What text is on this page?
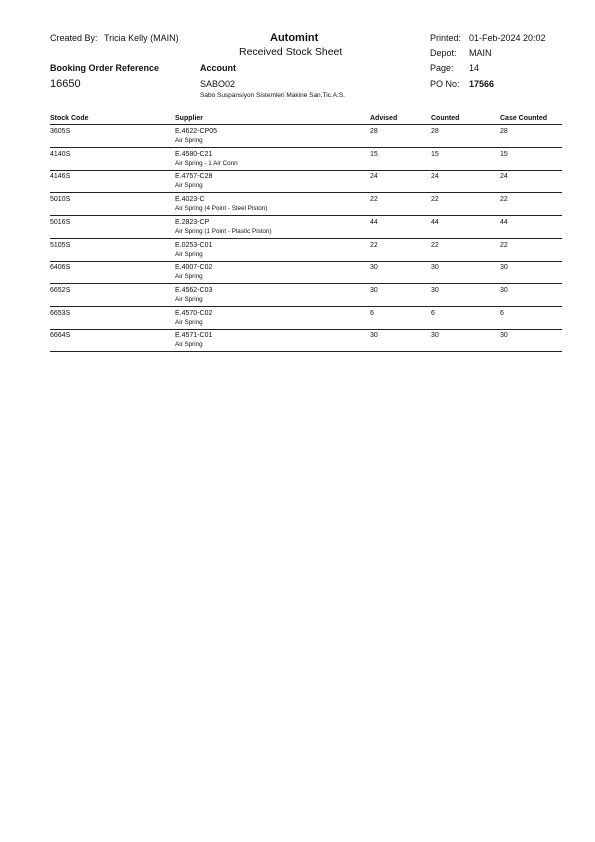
Created By: Tricia Kelly (MAIN)	Automint
Received Stock Sheet
Printed: 01-Feb-2024 20:02
Depot: MAIN
Page: 14
Booking Order Reference	Account
16650	SABO02	PO No: 17566
Sabo Suspansiyon Sistemleri Makine San.Tic.A.S.
Stock Code	Supplier	Advised	Counted	Case Counted
3605S	E.4622-CP05	28	28	28
Air Spring
4140S	E.4580-C21	15	15	15
Air Spring - 1 Air Conn
4146S	E.4757-C28	24	24	24
Air Spring
5010S	E.4023-C	22	22	22
Air Spring (4 Point - Steel Piston)
5016S	E.2823-CP	44	44	44
Air Spring (1 Point - Plastic Piston)
5105S	E.0253-C01	22	22	22
Air Spring
6406S	E.4007-C02	30	30	30
Air Spring
6652S	E.4562-C03	30	30	30
Air Spring
6653S	E.4570-C02	6	6	6
Air Spring
6664S	E.4571-C01	30	30	30
Air Spring
